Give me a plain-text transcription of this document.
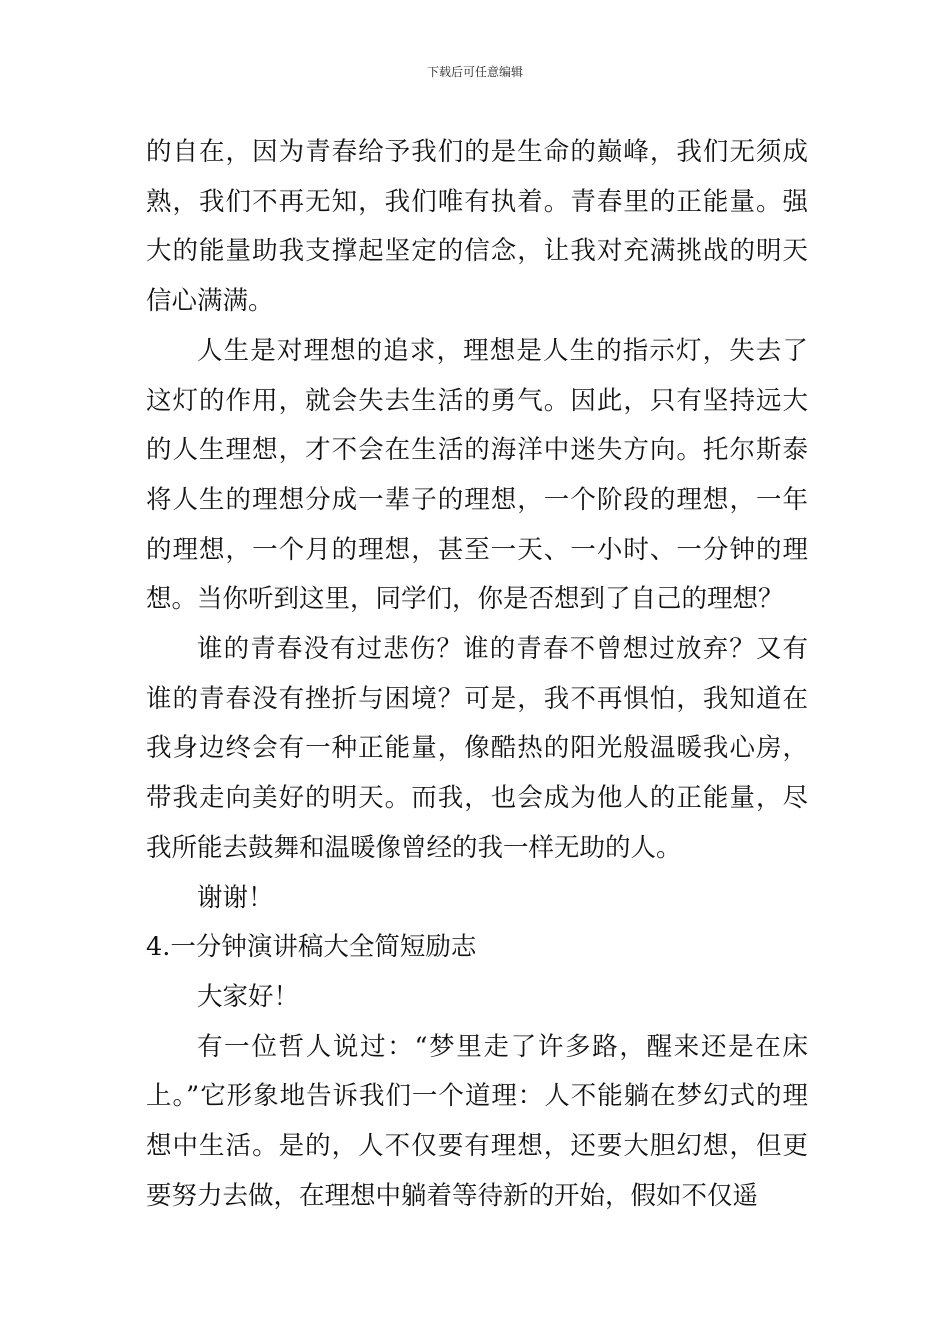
下载后可任意编辑

的自在，因为青春给予我们的是生命的巅峰，我们无须成熟，我们不再无知，我们唯有执着。青春里的正能量。强大的能量助我支撑起坚定的信念，让我对充满挑战的明天信心满满。

人生是对理想的追求，理想是人生的指示灯，失去了这灯的作用，就会失去生活的勇气。因此，只有坚持远大的人生理想，才不会在生活的海洋中迷失方向。托尔斯泰将人生的理想分成一辈子的理想，一个阶段的理想，一年的理想，一个月的理想，甚至一天、一小时、一分钟的理想。当你听到这里，同学们，你是否想到了自己的理想？

谁的青春没有过悲伤？谁的青春不曾想过放弃？又有谁的青春没有挫折与困境？可是，我不再惧怕，我知道在我身边终会有一种正能量，像酷热的阳光般温暖我心房，带我走向美好的明天。而我，也会成为他人的正能量，尽我所能去鼓舞和温暖像曾经的我一样无助的人。

谢谢！

4.一分钟演讲稿大全简短励志

大家好！

有一位哲人说过：“梦里走了许多路，醒来还是在床上。”它形象地告诉我们一个道理：人不能躺在梦幻式的理想中生活。是的，人不仅要有理想，还要大胆幻想，但更要努力去做，在理想中躺着等待新的开始，假如不仅遥
